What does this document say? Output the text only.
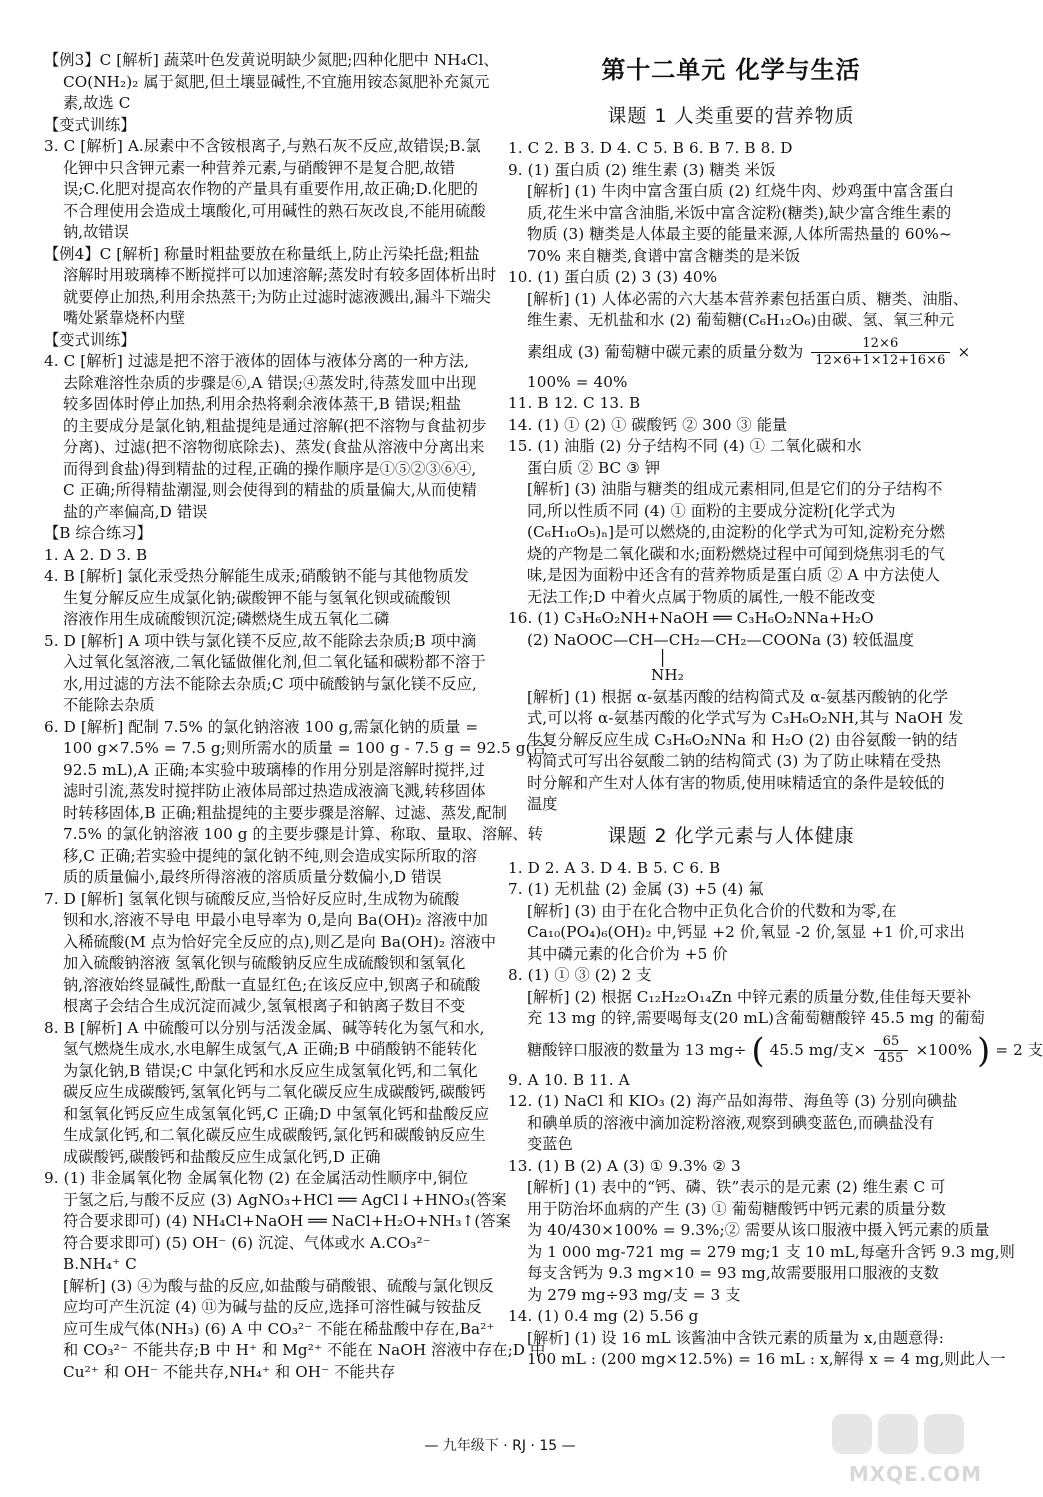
【例3】C [解析] 蔬菜叶色发黄说明缺少氮肥;四种化肥中 NH₄Cl、
CO(NH₂)₂ 属于氮肥,但土壤显碱性,不宜施用铵态氮肥补充氮元
素,故选 C
【变式训练】
3. C [解析] A.尿素中不含铵根离子,与熟石灰不反应,故错误;B.氯
化钾中只含钾元素一种营养元素,与硝酸钾不是复合肥,故错
误;C.化肥对提高农作物的产量具有重要作用,故正确;D.化肥的
不合理使用会造成土壤酸化,可用碱性的熟石灰改良,不能用硫酸
钠,故错误
【例4】C [解析] 称量时粗盐要放在称量纸上,防止污染托盘;粗盐
溶解时用玻璃棒不断搅拌可以加速溶解;蒸发时有较多固体析出时
就要停止加热,利用余热蒸干;为防止过滤时滤液溅出,漏斗下端尖
嘴处紧靠烧杯内壁
【变式训练】
4. C [解析] 过滤是把不溶于液体的固体与液体分离的一种方法,
去除难溶性杂质的步骤是⑥,A 错误;④蒸发时,待蒸发皿中出现
较多固体时停止加热,利用余热将剩余液体蒸干,B 错误;粗盐
的主要成分是氯化钠,粗盐提纯是通过溶解(把不溶物与食盐初步
分离)、过滤(把不溶物彻底除去)、蒸发(食盐从溶液中分离出来
而得到食盐)得到精盐的过程,正确的操作顺序是①⑤②③⑥④,
C 正确;所得精盐潮湿,则会使得到的精盐的质量偏大,从而使精
盐的产率偏高,D 错误
【B 综合练习】
1. A 2. D 3. B
4. B [解析] 氯化汞受热分解能生成汞;硝酸钠不能与其他物质发
生复分解反应生成氯化钠;碳酸钾不能与氢氧化钡或硫酸钡
溶液作用生成硫酸钡沉淀;磷燃烧生成五氧化二磷
5. D [解析] A 项中铁与氯化镁不反应,故不能除去杂质;B 项中滴
入过氧化氢溶液,二氧化锰做催化剂,但二氧化锰和碳粉都不溶于
水,用过滤的方法不能除去杂质;C 项中硫酸钠与氯化镁不反应,
不能除去杂质
6. D [解析] 配制 7.5% 的氯化钠溶液 100 g,需氯化钠的质量 =
100 g×7.5% = 7.5 g;则所需水的质量 = 100 g - 7.5 g = 92.5 g(合
92.5 mL),A 正确;本实验中玻璃棒的作用分别是溶解时搅拌,过
滤时引流,蒸发时搅拌防止液体局部过热造成液滴飞溅,转移固体
时转移固体,B 正确;粗盐提纯的主要步骤是溶解、过滤、蒸发,配制
7.5% 的氯化钠溶液 100 g 的主要步骤是计算、称取、量取、溶解、转
移,C 正确;若实验中提纯的氯化钠不纯,则会造成实际所取的溶
质的质量偏小,最终所得溶液的溶质质量分数偏小,D 错误
7. D [解析] 氢氧化钡与硫酸反应,当恰好反应时,生成物为硫酸
钡和水,溶液不导电 甲最小电导率为 0,是向 Ba(OH)₂ 溶液中加
入稀硫酸(M 点为恰好完全反应的点),则乙是向 Ba(OH)₂ 溶液中
加入硫酸钠溶液 氢氧化钡与硫酸钠反应生成硫酸钡和氢氧化
钠,溶液始终显碱性,酚酞一直显红色;在该反应中,钡离子和硫酸
根离子会结合生成沉淀而减少,氢氧根离子和钠离子数目不变
8. B [解析] A 中硫酸可以分别与活泼金属、碱等转化为氢气和水,
氢气燃烧生成水,水电解生成氢气,A 正确;B 中硝酸钠不能转化
为氯化钠,B 错误;C 中氯化钙和水反应生成氢氧化钙,和二氧化
碳反应生成碳酸钙,氢氧化钙与二氧化碳反应生成碳酸钙,碳酸钙
和氢氧化钙反应生成氢氧化钙,C 正确;D 中氢氧化钙和盐酸反应
生成氯化钙,和二氧化碳反应生成碳酸钙,氯化钙和碳酸钠反应生
成碳酸钙,碳酸钙和盐酸反应生成氯化钙,D 正确
9. (1) 非金属氧化物 金属氧化物 (2) 在金属活动性顺序中,铜位
于氢之后,与酸不反应 (3) AgNO₃+HCl ══ AgCl↓+HNO₃(答案
符合要求即可) (4) NH₄Cl+NaOH ══ NaCl+H₂O+NH₃↑(答案
符合要求即可) (5) OH⁻ (6) 沉淀、气体或水 A.CO₃²⁻
B.NH₄⁺ C
[解析] (3) ④为酸与盐的反应,如盐酸与硝酸银、硫酸与氯化钡反
应均可产生沉淀 (4) ⑪为碱与盐的反应,选择可溶性碱与铵盐反
应可生成气体(NH₃) (6) A 中 CO₃²⁻ 不能在稀盐酸中存在,Ba²⁺
和 CO₃²⁻ 不能共存;B 中 H⁺ 和 Mg²⁺ 不能在 NaOH 溶液中存在;D 中
Cu²⁺ 和 OH⁻ 不能共存,NH₄⁺ 和 OH⁻ 不能共存
第十二单元 化学与生活
课题 1 人类重要的营养物质
1. C 2. B 3. D 4. C 5. B 6. B 7. B 8. D
9. (1) 蛋白质 (2) 维生素 (3) 糖类 米饭
[解析] (1) 牛肉中富含蛋白质 (2) 红烧牛肉、炒鸡蛋中富含蛋白
质,花生米中富含油脂,米饭中富含淀粉(糖类),缺少富含维生素的
物质 (3) 糖类是人体最主要的能量来源,人体所需热量的 60%~
70% 来自糖类,食谱中富含糖类的是米饭
10. (1) 蛋白质 (2) 3 (3) 40%
[解析] (1) 人体必需的六大基本营养素包括蛋白质、糖类、油脂、
维生素、无机盐和水 (2) 葡萄糖(C₆H₁₂O₆)由碳、氢、氧三种元
素组成 (3) 葡萄糖中碳元素的质量分数为 $\frac{12\times 6}{12\times 6+1\times 12+16\times 6}$ ×
100% = 40%
11. B 12. C 13. B
14. (1) ① (2) ① 碳酸钙 ② 300 ③ 能量
15. (1) 油脂 (2) 分子结构不同 (4) ① 二氧化碳和水
蛋白质 ② BC ③ 钾
[解析] (3) 油脂与糖类的组成元素相同,但是它们的分子结构不
同,所以性质不同 (4) ① 面粉的主要成分淀粉[化学式为
(C₆H₁₀O₅)ₙ]是可以燃烧的,由淀粉的化学式为可知,淀粉充分燃
烧的产物是二氧化碳和水;面粉燃烧过程中可闻到烧焦羽毛的气
味,是因为面粉中还含有的营养物质是蛋白质 ② A 中方法使人
无法工作;D 中着火点属于物质的属性,一般不能改变
16. (1) C₃H₆O₂NH+NaOH ══ C₃H₆O₂NNa+H₂O
(2) NaOOC—CH—CH₂—CH₂—COONa (3) 较低温度
│
NH₂
[解析] (1) 根据 α-氨基丙酸的结构简式及 α-氨基丙酸钠的化学
式,可以将 α-氨基丙酸的化学式写为 C₃H₆O₂NH,其与 NaOH 发
生复分解反应生成 C₃H₆O₂NNa 和 H₂O (2) 由谷氨酸一钠的结
构简式可写出谷氨酸二钠的结构简式 (3) 为了防止味精在受热
时分解和产生对人体有害的物质,使用味精适宜的条件是较低的
温度
课题 2 化学元素与人体健康
1. D 2. A 3. D 4. B 5. C 6. B
7. (1) 无机盐 (2) 金属 (3) +5 (4) 氟
[解析] (3) 由于在化合物中正负化合价的代数和为零,在
Ca₁₀(PO₄)₆(OH)₂ 中,钙显 +2 价,氧显 -2 价,氢显 +1 价,可求出
其中磷元素的化合价为 +5 价
8. (1) ① ③ (2) 2 支
[解析] (2) 根据 C₁₂H₂₂O₁₄Zn 中锌元素的质量分数,佳佳每天要补
充 13 mg 的锌,需要喝每支(20 mL)含葡萄糖酸锌 45.5 mg 的葡萄
糖酸锌口服液的数量为 13 mg÷ ( 45.5 mg/支× $\frac{65}{455} \times 100\%$ ) = 2 支
9. A 10. B 11. A
12. (1) NaCl 和 KIO₃ (2) 海产品如海带、海鱼等 (3) 分别向碘盐
和碘单质的溶液中滴加淀粉溶液,观察到碘变蓝色,而碘盐没有
变蓝色
13. (1) B (2) A (3) ① 9.3% ② 3
[解析] (1) 表中的“钙、磷、铁”表示的是元素 (2) 维生素 C 可
用于防治坏血病的产生 (3) ① 葡萄糖酸钙中钙元素的质量分数
为 40/430×100% = 9.3%;② 需要从该口服液中摄入钙元素的质量
为 1 000 mg-721 mg = 279 mg;1 支 10 mL,每毫升含钙 9.3 mg,则
每支含钙为 9.3 mg×10 = 93 mg,故需要服用口服液的支数
为 279 mg÷93 mg/支 = 3 支
14. (1) 0.4 mg (2) 5.56 g
[解析] (1) 设 16 mL 该酱油中含铁元素的质量为 x,由题意得:
100 mL : (200 mg×12.5%) = 16 mL : x,解得 x = 4 mg,则此人一
— 九年级下 · RJ · 15 —
MXQE.COM
